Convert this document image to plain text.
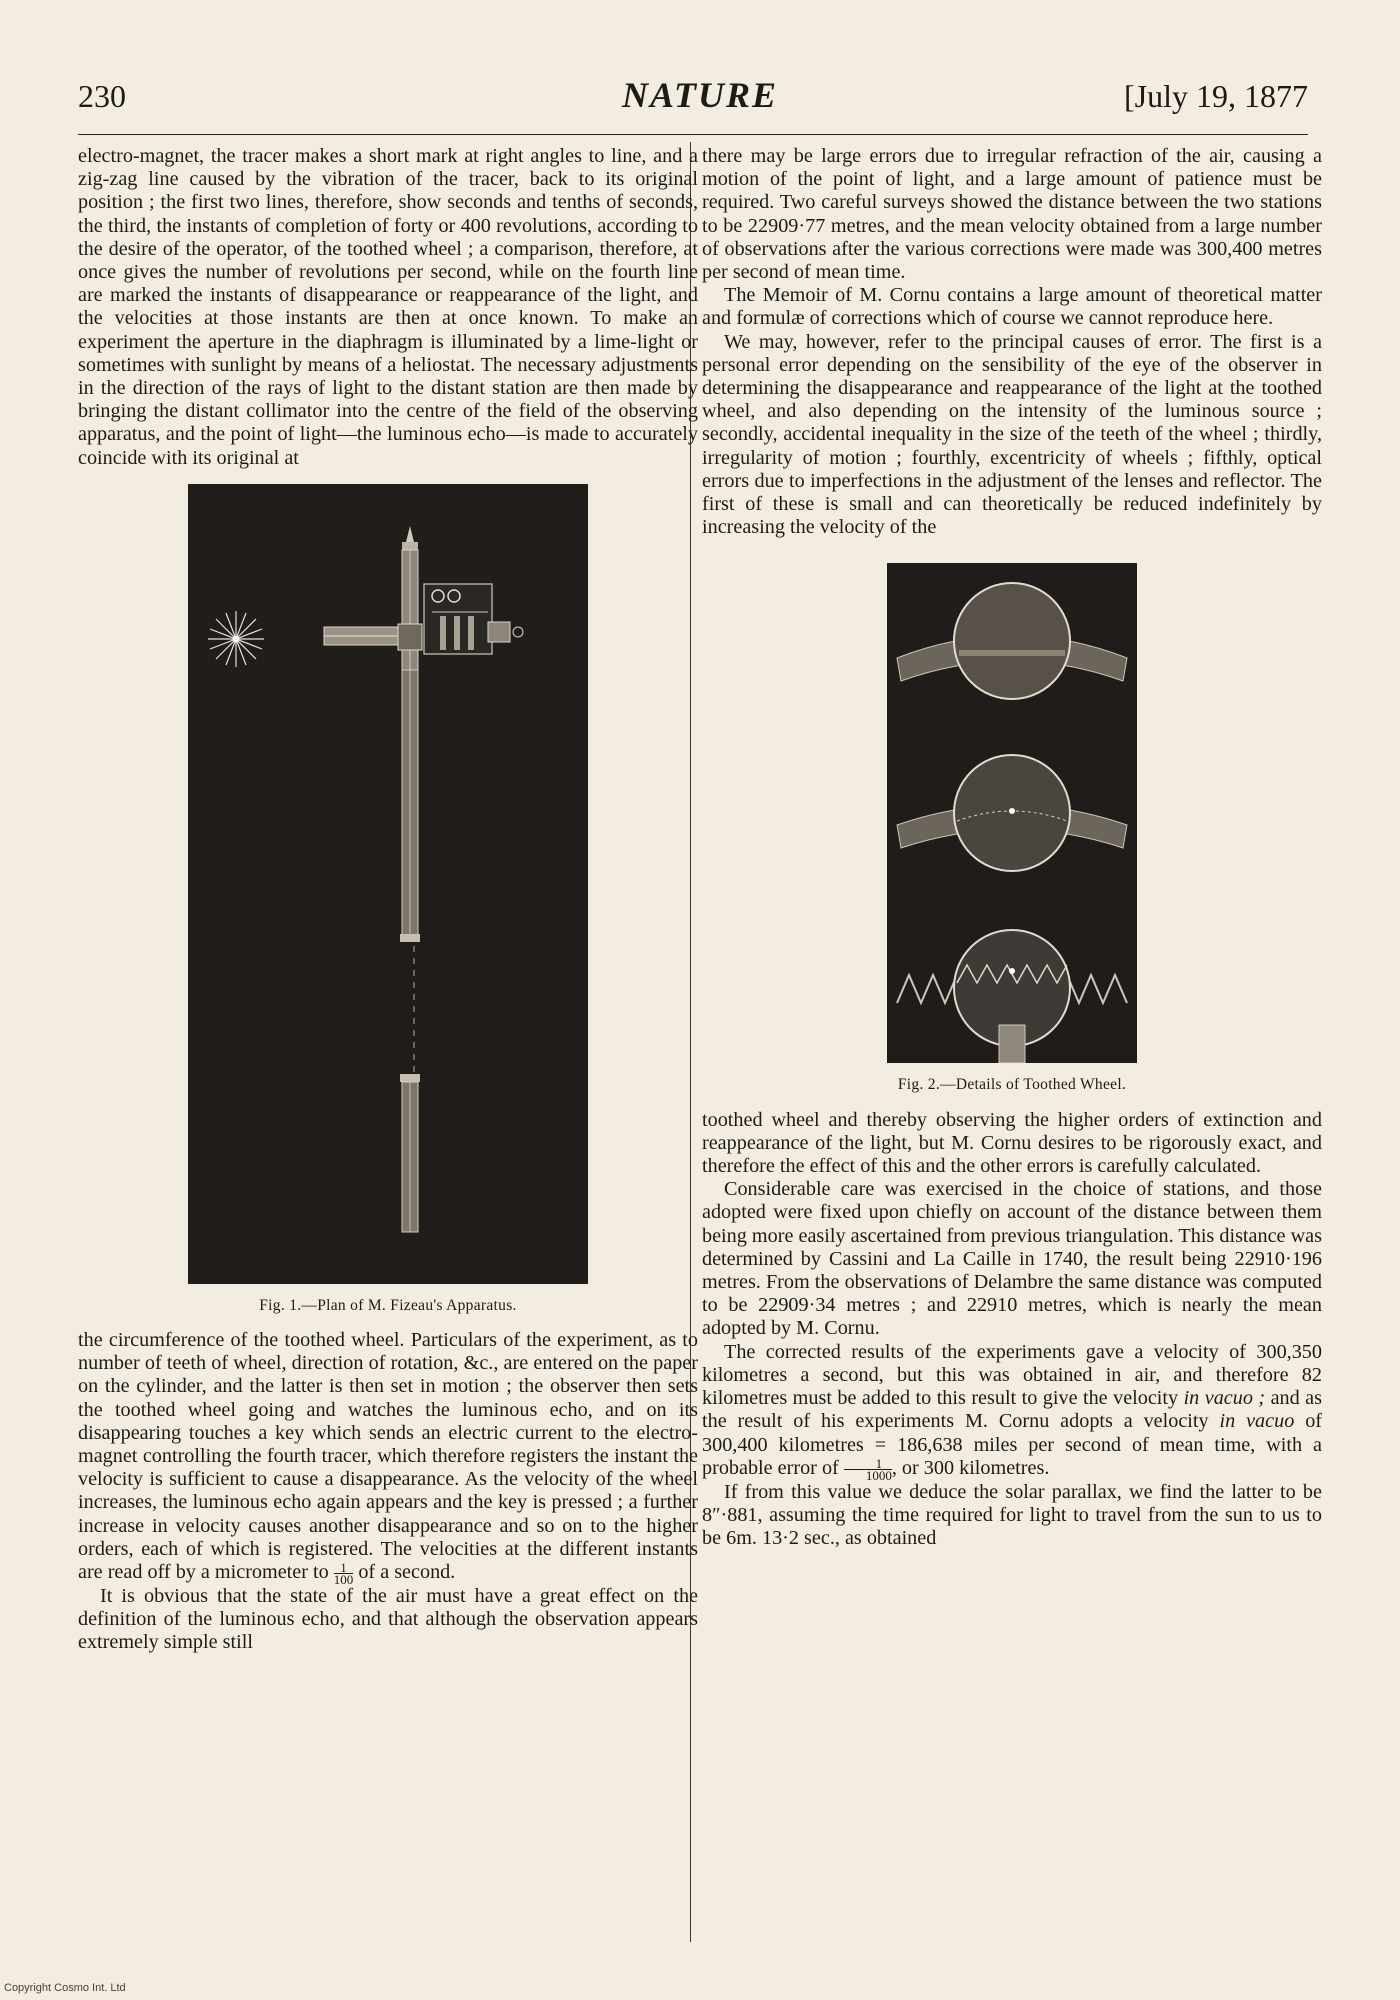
230	NATURE	[July 19, 1877

electro-magnet, the tracer makes a short mark at right angles to line, and a zig-zag line caused by the vibration of the tracer, back to its original position ; the first two lines, therefore, show seconds and tenths of seconds, the third, the instants of completion of forty or 400 revolutions, according to the desire of the operator, of the toothed wheel ; a comparison, therefore, at once gives the number of revolutions per second, while on the fourth line are marked the instants of disappearance or reappearance of the light, and the velocities at those instants are then at once known. To make an experiment the aperture in the diaphragm is illuminated by a lime-light or sometimes with sunlight by means of a heliostat. The necessary adjustments in the direction of the rays of light to the distant station are then made by bringing the distant collimator into the centre of the field of the observing apparatus, and the point of light—the luminous echo—is made to accurately coincide with its original at

Fig. 1.—Plan of M. Fizeau's Apparatus.

the circumference of the toothed wheel. Particulars of the experiment, as to number of teeth of wheel, direction of rotation, &c., are entered on the paper on the cylinder, and the latter is then set in motion ; the observer then sets the toothed wheel going and watches the luminous echo, and on its disappearing touches a key which sends an electric current to the electro-magnet controlling the fourth tracer, which therefore registers the instant the velocity is sufficient to cause a disappearance. As the velocity of the wheel increases, the luminous echo again appears and the key is pressed ; a further increase in velocity causes another disappearance and so on to the higher orders, each of which is registered. The velocities at the different instants are read off by a micrometer to $\frac{1}{100}$ of a second.

It is obvious that the state of the air must have a great effect on the definition of the luminous echo, and that although the observation appears extremely simple still

there may be large errors due to irregular refraction of the air, causing a motion of the point of light, and a large amount of patience must be required. Two careful surveys showed the distance between the two stations to be 22909·77 metres, and the mean velocity obtained from a large number of observations after the various corrections were made was 300,400 metres per second of mean time.

The Memoir of M. Cornu contains a large amount of theoretical matter and formulæ of corrections which of course we cannot reproduce here.

We may, however, refer to the principal causes of error. The first is a personal error depending on the sensibility of the eye of the observer in determining the disappearance and reappearance of the light at the toothed wheel, and also depending on the intensity of the luminous source ; secondly, accidental inequality in the size of the teeth of the wheel ; thirdly, irregularity of motion ; fourthly, excentricity of wheels ; fifthly, optical errors due to imperfections in the adjustment of the lenses and reflector. The first of these is small and can theoretically be reduced indefinitely by increasing the velocity of the

Fig. 2.—Details of Toothed Wheel.

toothed wheel and thereby observing the higher orders of extinction and reappearance of the light, but M. Cornu desires to be rigorously exact, and therefore the effect of this and the other errors is carefully calculated.

Considerable care was exercised in the choice of stations, and those adopted were fixed upon chiefly on account of the distance between them being more easily ascertained from previous triangulation. This distance was determined by Cassini and La Caille in 1740, the result being 22910·196 metres. From the observations of Delambre the same distance was computed to be 22909·34 metres ; and 22910 metres, which is nearly the mean adopted by M. Cornu.

The corrected results of the experiments gave a velocity of 300,350 kilometres a second, but this was obtained in air, and therefore 82 kilometres must be added to this result to give the velocity in vacuo ; and as the result of his experiments M. Cornu adopts a velocity in vacuo of 300,400 kilometres = 186,638 miles per second of mean time, with a probable error of $\frac{1}{1000}$ , or 300 kilometres.

If from this value we deduce the solar parallax, we find the latter to be 8″·881, assuming the time required for light to travel from the sun to us to be 6m. 13·2 sec., as obtained

Copyright Cosmo Int. Ltd
